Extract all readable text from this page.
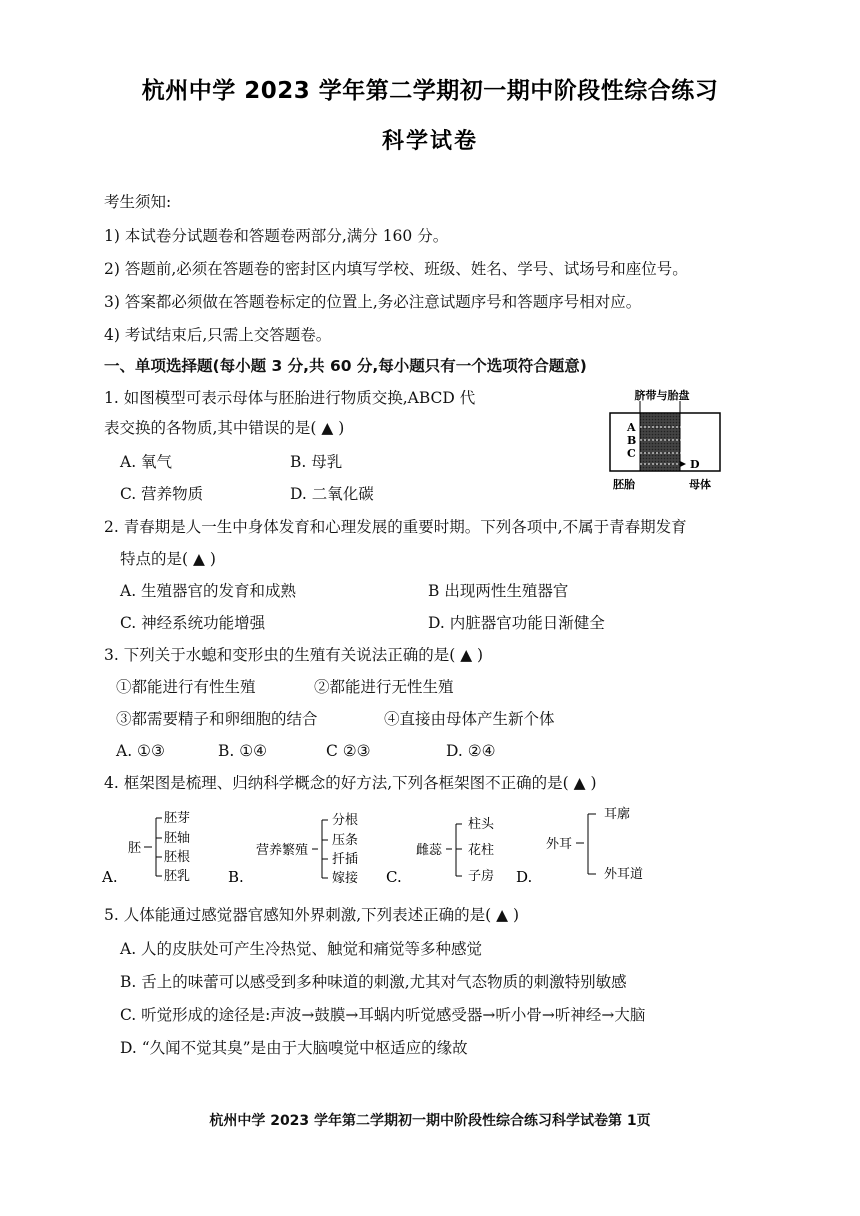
杭州中学 2023 学年第二学期初一期中阶段性综合练习
科学试卷
考生须知:
1) 本试卷分试题卷和答题卷两部分,满分 160 分。
2) 答题前,必须在答题卷的密封区内填写学校、班级、姓名、学号、试场号和座位号。
3) 答案都必须做在答题卷标定的位置上,务必注意试题序号和答题序号相对应。
4) 考试结束后,只需上交答题卷。
一、单项选择题(每小题 3 分,共 60 分,每小题只有一个选项符合题意)
1. 如图模型可表示母体与胚胎进行物质交换,ABCD 代
表交换的各物质,其中错误的是( ▲ )
A. 氧气	B. 母乳
C. 营养物质	D. 二氧化碳
脐带与胎盘
A
B
C
D
胚胎	母体
2. 青春期是人一生中身体发育和心理发展的重要时期。下列各项中,不属于青春期发育
特点的是( ▲ )
A. 生殖器官的发育和成熟	B 出现两性生殖器官
C. 神经系统功能增强	D. 内脏器官功能日渐健全
3. 下列关于水螅和变形虫的生殖有关说法正确的是( ▲ )
①都能进行有性生殖	②都能进行无性生殖
③都需要精子和卵细胞的结合	④直接由母体产生新个体
A. ①③	B. ①④	C ②③	D. ②④
4. 框架图是梳理、归纳科学概念的好方法,下列各框架图不正确的是( ▲ )
A.
胚
胚芽
胚轴
胚根
胚乳	B.
营养繁殖
分根
压条
扦插
嫁接 C.
雌蕊
柱头
花柱
子房 D.
外耳
耳廓
外耳道
5. 人体能通过感觉器官感知外界刺激,下列表述正确的是( ▲ )
A. 人的皮肤处可产生冷热觉、触觉和痛觉等多种感觉
B. 舌上的味蕾可以感受到多种味道的刺激,尤其对气态物质的刺激特别敏感
C. 听觉形成的途径是:声波→鼓膜→耳蜗内听觉感受器→听小骨→听神经→大脑
D. “久闻不觉其臭”是由于大脑嗅觉中枢适应的缘故
杭州中学 2023 学年第二学期初一期中阶段性综合练习科学试卷第 1页
